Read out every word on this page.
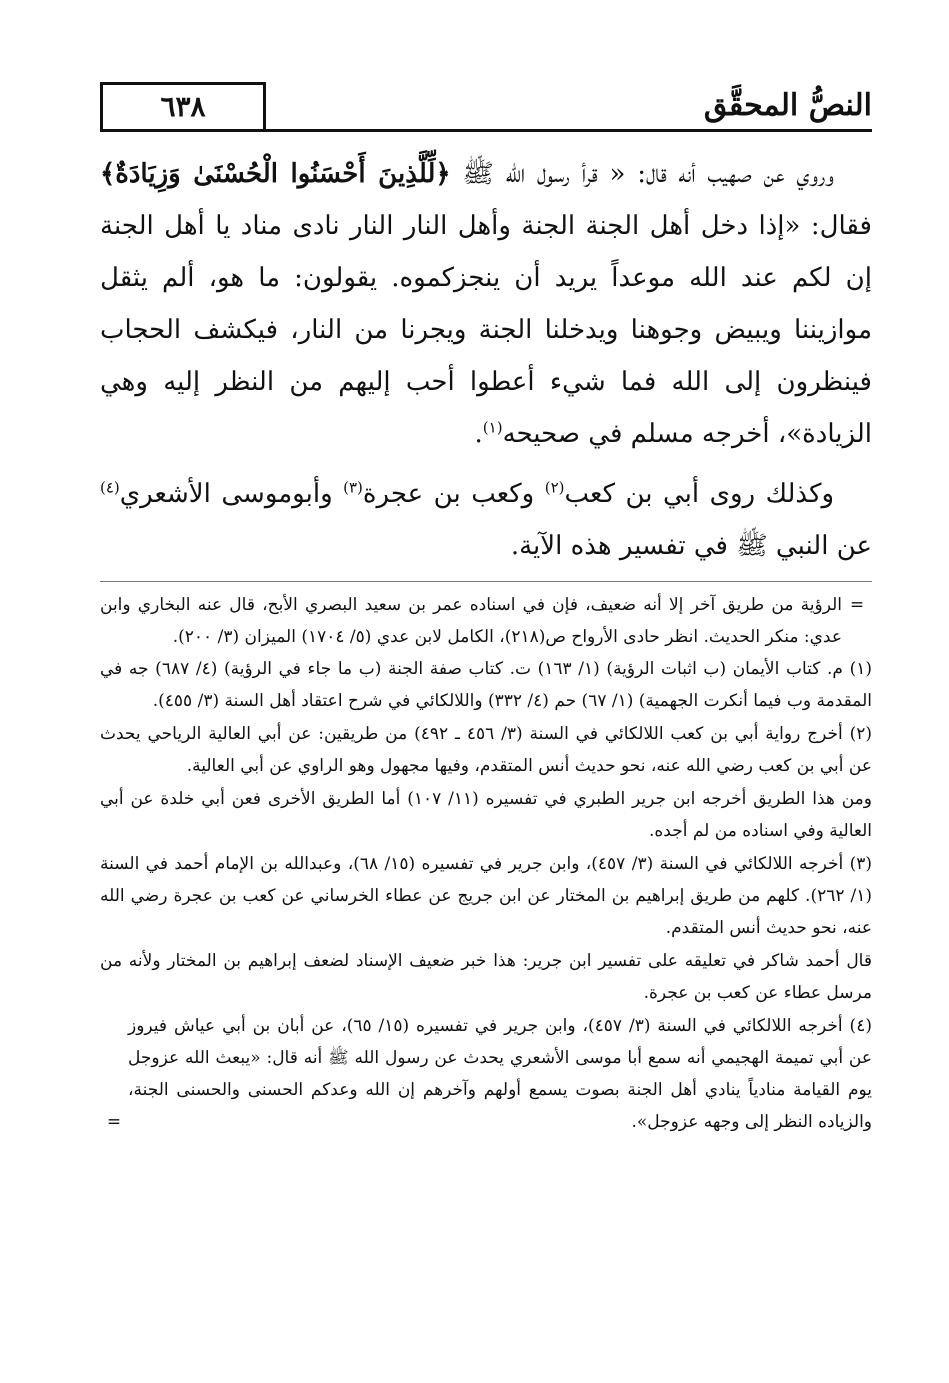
النصُّ المحقَّق
٦٣٨

وروي عن صهيب أنه قال: « قرأ رسول الله ﷺ ﴿لِّلَّذِينَ أَحْسَنُوا الْحُسْنَىٰ وَزِيَادَةٌ﴾ فقال: «إذا دخل أهل الجنة الجنة وأهل النار النار نادى مناد يا أهل الجنة إن لكم عند الله موعداً يريد أن ينجزكموه. يقولون: ما هو، ألم يثقل موازيننا ويبيض وجوهنا ويدخلنا الجنة ويجرنا من النار، فيكشف الحجاب فينظرون إلى الله فما شيء أعطوا أحب إليهم من النظر إليه وهي الزيادة»، أخرجه مسلم في صحيحه$^{(١)}$.

وكذلك روى أبي بن كعب$^{(٢)}$ وكعب بن عجرة$^{(٣)}$ وأبوموسى الأشعري$^{(٤)}$ عن النبي ﷺ في تفسير هذه الآية.

=
الرؤية من طريق آخر إلا أنه ضعيف، فإن في اسناده عمر بن سعيد البصري الأبح، قال عنه البخاري وابن عدي: منكر الحديث. انظر حادى الأرواح ص(٢١٨)، الكامل لابن عدي (٥/ ١٧٠٤) الميزان (٣/ ٢٠٠).

(١) م. كتاب الأيمان (ب اثبات الرؤية) (١/ ١٦٣) ت. كتاب صفة الجنة (ب ما جاء في الرؤية) (٤/ ٦٨٧) جه في المقدمة وب فيما أنكرت الجهمية) (١/ ٦٧) حم (٤/ ٣٣٢) واللالكائي في شرح اعتقاد أهل السنة (٣/ ٤٥٥).

(٢) أخرج رواية أبي بن كعب اللالكائي في السنة (٣/ ٤٥٦ ـ ٤٩٢) من طريقين: عن أبي العالية الرياحي يحدث عن أبي بن كعب رضي الله عنه، نحو حديث أنس المتقدم، وفيها مجهول وهو الراوي عن أبي العالية.

ومن هذا الطريق أخرجه ابن جرير الطبري في تفسيره (١١/ ١٠٧) أما الطريق الأخرى فعن أبي خلدة عن أبي العالية وفي اسناده من لم أجده.

(٣) أخرجه اللالكائي في السنة (٣/ ٤٥٧)، وابن جرير في تفسيره (١٥/ ٦٨)، وعبدالله بن الإمام أحمد في السنة (١/ ٢٦٢). كلهم من طريق إبراهيم بن المختار عن ابن جريج عن عطاء الخرساني عن كعب بن عجرة رضي الله عنه، نحو حديث أنس المتقدم.

قال أحمد شاكر في تعليقه على تفسير ابن جرير: هذا خبر ضعيف الإسناد لضعف إبراهيم بن المختار ولأنه من مرسل عطاء عن كعب بن عجرة.

(٤) أخرجه اللالكائي في السنة (٣/ ٤٥٧)، وابن جرير في تفسيره (١٥/ ٦٥)، عن أبان بن أبي عياش فيروز عن أبي تميمة الهجيمي أنه سمع أبا موسى الأشعري يحدث عن رسول الله ﷺ أنه قال: «يبعث الله عزوجل يوم القيامة منادياً ينادي أهل الجنة بصوت يسمع أولهم وآخرهم إن الله وعدكم الحسنى والحسنى الجنة، والزياده النظر إلى وجهه عزوجل».
=
